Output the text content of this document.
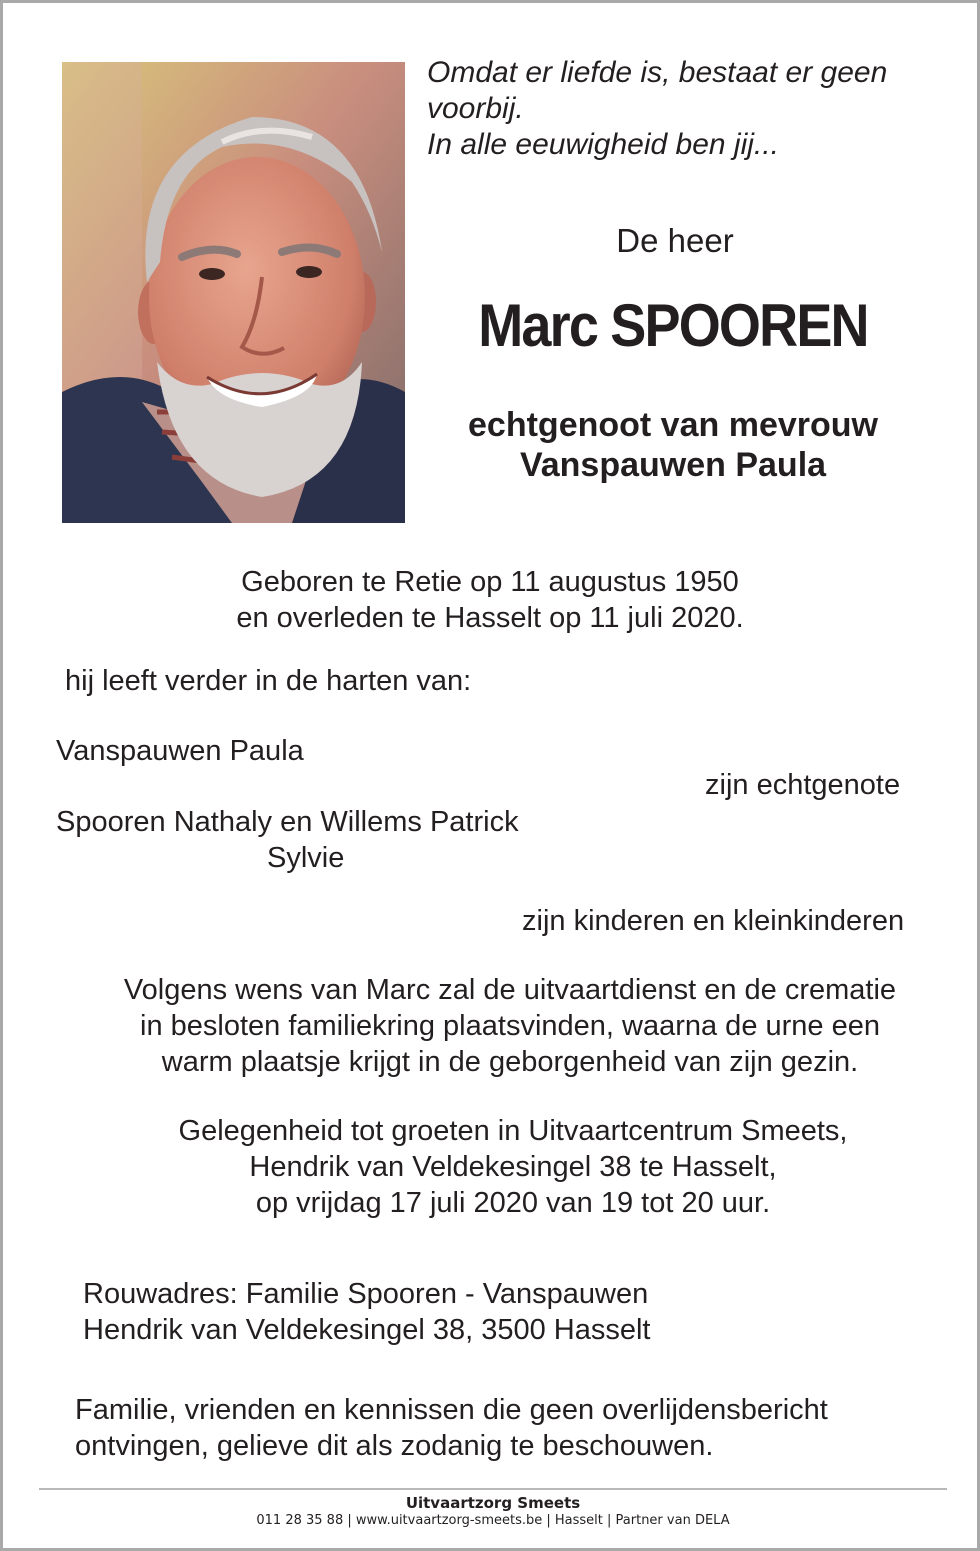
Omdat er liefde is, bestaat er geen
voorbij.
In alle eeuwigheid ben jij...

De heer

Marc SPOOREN

echtgenoot van mevrouw
Vanspauwen Paula

Geboren te Retie op 11 augustus 1950
en overleden te Hasselt op 11 juli 2020.

hij leeft verder in de harten van:

Vanspauwen Paula

zijn echtgenote

Spooren Nathaly en Willems Patrick

Sylvie

zijn kinderen en kleinkinderen

Volgens wens van Marc zal de uitvaartdienst en de crematie
in besloten familiekring plaatsvinden, waarna de urne een
warm plaatsje krijgt in de geborgenheid van zijn gezin.

Gelegenheid tot groeten in Uitvaartcentrum Smeets,
Hendrik van Veldekesingel 38 te Hasselt,
op vrijdag 17 juli 2020 van 19 tot 20 uur.

Rouwadres: Familie Spooren - Vanspauwen
Hendrik van Veldekesingel 38, 3500 Hasselt

Familie, vrienden en kennissen die geen overlijdensbericht
ontvingen, gelieve dit als zodanig te beschouwen.

Uitvaartzorg Smeets

011 28 35 88 | www.uitvaartzorg-smeets.be | Hasselt | Partner van DELA
